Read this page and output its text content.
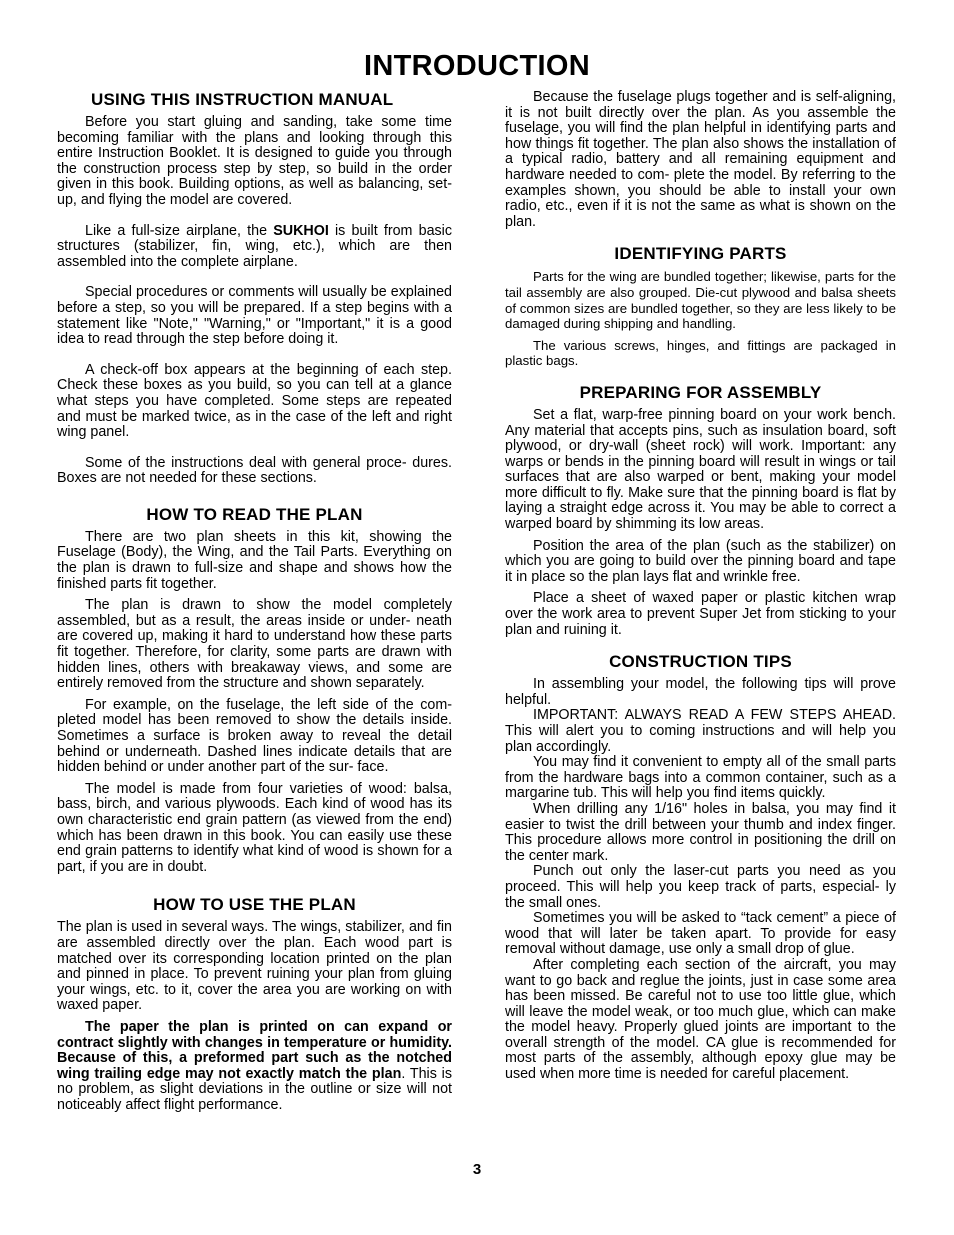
INTRODUCTION
USING THIS INSTRUCTION MANUAL

Before you start gluing and sanding, take some time becoming familiar with the plans and looking through this entire Instruction Booklet. It is designed to guide you through the construction process step by step, so build in the order given in this book. Building options, as well as balancing, set- up, and flying the model are covered.

Like a full-size airplane, the SUKHOI is built from basic structures (stabilizer, fin, wing, etc.), which are then assembled into the complete airplane.

Special procedures or comments will usually be explained before a step, so you will be prepared. If a step begins with a statement like "Note," "Warning," or "Important," it is a good idea to read through the step before doing it.

A check-off box appears at the beginning of each step. Check these boxes as you build, so you can tell at a glance what steps you have completed. Some steps are repeated and must be marked twice, as in the case of the left and right wing panel.

Some of the instructions deal with general proce- dures. Boxes are not needed for these sections.

HOW TO READ THE PLAN

There are two plan sheets in this kit, showing the Fuselage (Body), the Wing, and the Tail Parts. Everything on the plan is drawn to full-size and shape and shows how the finished parts fit together.

The plan is drawn to show the model completely assembled, but as a result, the areas inside or under- neath are covered up, making it hard to understand how these parts fit together. Therefore, for clarity, some parts are drawn with hidden lines, others with breakaway views, and some are entirely removed from the structure and shown separately.

For example, on the fuselage, the left side of the com- pleted model has been removed to show the details inside. Sometimes a surface is broken away to reveal the detail behind or underneath. Dashed lines indicate details that are hidden behind or under another part of the sur- face.

The model is made from four varieties of wood: balsa, bass, birch, and various plywoods. Each kind of wood has its own characteristic end grain pattern (as viewed from the end) which has been drawn in this book. You can easily use these end grain patterns to identify what kind of wood is shown for a part, if you are in doubt.

HOW TO USE THE PLAN

The plan is used in several ways. The wings, stabilizer, and fin are assembled directly over the plan. Each wood part is matched over its corresponding location printed on the plan and pinned in place. To prevent ruining your plan from gluing your wings, etc. to it, cover the area you are working on with waxed paper.

The paper the plan is printed on can expand or contract slightly with changes in temperature or humidity. Because of this, a preformed part such as the notched wing trailing edge may not exactly match the plan. This is no problem, as slight deviations in the outline or size will not noticeably affect flight performance.

Because the fuselage plugs together and is self-aligning, it is not built directly over the plan. As you assemble the fuselage, you will find the plan helpful in identifying parts and how things fit together. The plan also shows the installation of a typical radio, battery and all remaining equipment and hardware needed to com- plete the model. By referring to the examples shown, you should be able to install your own radio, etc., even if it is not the same as what is shown on the plan.

IDENTIFYING PARTS

Parts for the wing are bundled together; likewise, parts for the tail assembly are also grouped. Die-cut plywood and balsa sheets of common sizes are bundled together, so they are less likely to be damaged during shipping and handling.

The various screws, hinges, and fittings are packaged in plastic bags.

PREPARING FOR ASSEMBLY

Set a flat, warp-free pinning board on your work bench. Any material that accepts pins, such as insulation board, soft plywood, or dry-wall (sheet rock) will work. Important: any warps or bends in the pinning board will result in wings or tail surfaces that are also warped or bent, making your model more difficult to fly. Make sure that the pinning board is flat by laying a straight edge across it. You may be able to correct a warped board by shimming its low areas.

Position the area of the plan (such as the stabilizer) on which you are going to build over the pinning board and tape it in place so the plan lays flat and wrinkle free.

Place a sheet of waxed paper or plastic kitchen wrap over the work area to prevent Super Jet from sticking to your plan and ruining it.

CONSTRUCTION TIPS

In assembling your model, the following tips will prove helpful.

IMPORTANT: ALWAYS READ A FEW STEPS AHEAD. This will alert you to coming instructions and will help you plan accordingly.

You may find it convenient to empty all of the small parts from the hardware bags into a common container, such as a margarine tub. This will help you find items quickly.

When drilling any 1/16" holes in balsa, you may find it easier to twist the drill between your thumb and index finger. This procedure allows more control in positioning the drill on the center mark.

Punch out only the laser-cut parts you need as you proceed. This will help you keep track of parts, especial- ly the small ones.

Sometimes you will be asked to “tack cement” a piece of wood that will later be taken apart. To provide for easy removal without damage, use only a small drop of glue.

After completing each section of the aircraft, you may want to go back and reglue the joints, just in case some area has been missed. Be careful not to use too little glue, which will leave the model weak, or too much glue, which can make the model heavy. Properly glued joints are important to the overall strength of the model. CA glue is recommended for most parts of the assembly, although epoxy glue may be used when more time is needed for careful placement.

3
